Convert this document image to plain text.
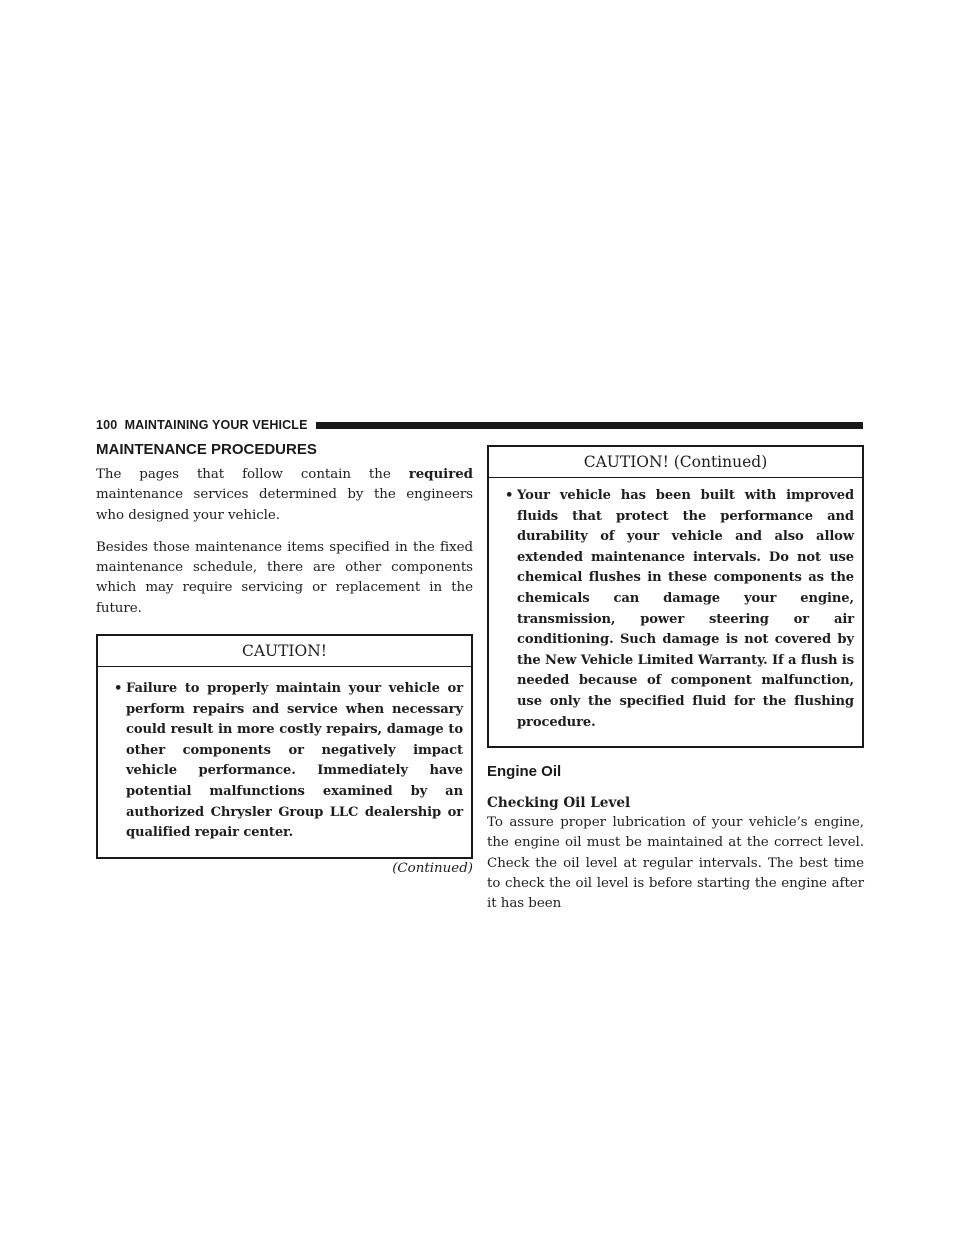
100 MAINTAINING YOUR VEHICLE
MAINTENANCE PROCEDURES

The pages that follow contain the required maintenance services determined by the engineers who designed your vehicle.

Besides those maintenance items specified in the fixed maintenance schedule, there are other components which may require servicing or replacement in the future.

CAUTION!
• Failure to properly maintain your vehicle or perform repairs and service when necessary could result in more costly repairs, damage to other components or negatively impact vehicle performance. Immediately have potential malfunctions examined by an authorized Chrysler Group LLC dealership or qualified repair center.
(Continued)
CAUTION! (Continued)
• Your vehicle has been built with improved fluids that protect the performance and durability of your vehicle and also allow extended maintenance intervals. Do not use chemical flushes in these components as the chemicals can damage your engine, transmission, power steering or air conditioning. Such damage is not covered by the New Vehicle Limited Warranty. If a flush is needed because of component malfunction, use only the specified fluid for the flushing procedure.
Engine Oil
Checking Oil Level

To assure proper lubrication of your vehicle’s engine, the engine oil must be maintained at the correct level. Check the oil level at regular intervals. The best time to check the oil level is before starting the engine after it has been
